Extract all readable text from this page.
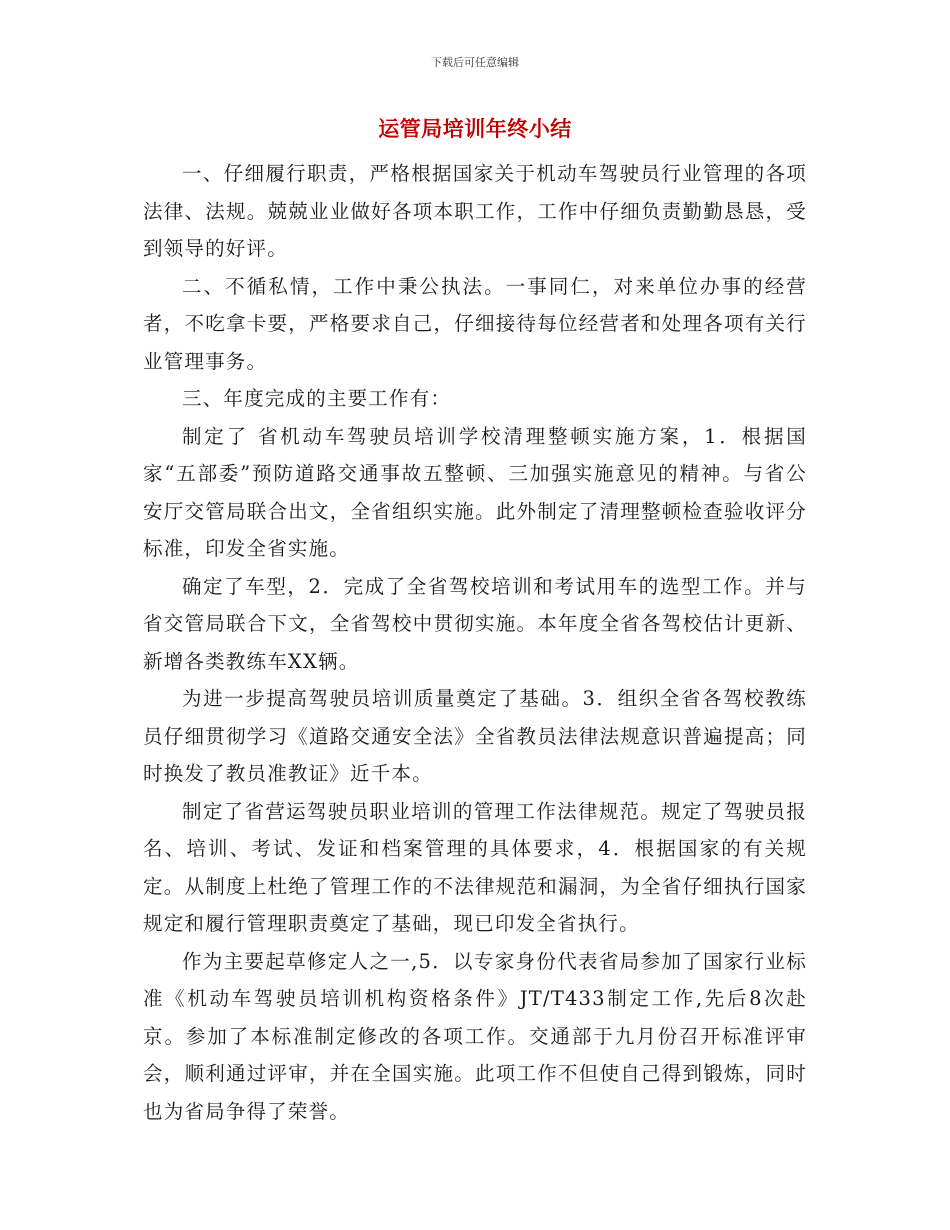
下载后可任意编辑
运管局培训年终小结

一、仔细履行职责，严格根据国家关于机动车驾驶员行业管理的各项法律、法规。兢兢业业做好各项本职工作，工作中仔细负责勤勤恳恳，受到领导的好评。

二、不循私情，工作中秉公执法。一事同仁，对来单位办事的经营者，不吃拿卡要，严格要求自己，仔细接待每位经营者和处理各项有关行业管理事务。

三、年度完成的主要工作有：

制定了 省机动车驾驶员培训学校清理整顿实施方案，1．根据国家“五部委”预防道路交通事故五整顿、三加强实施意见的精神。与省公安厅交管局联合出文，全省组织实施。此外制定了清理整顿检查验收评分标准，印发全省实施。

确定了车型，2．完成了全省驾校培训和考试用车的选型工作。并与省交管局联合下文，全省驾校中贯彻实施。本年度全省各驾校估计更新、新增各类教练车XX辆。

为进一步提高驾驶员培训质量奠定了基础。3．组织全省各驾校教练员仔细贯彻学习《道路交通安全法》全省教员法律法规意识普遍提高；同时换发了教员准教证》近千本。

制定了省营运驾驶员职业培训的管理工作法律规范。规定了驾驶员报名、培训、考试、发证和档案管理的具体要求，4．根据国家的有关规定。从制度上杜绝了管理工作的不法律规范和漏洞，为全省仔细执行国家规定和履行管理职责奠定了基础，现已印发全省执行。

作为主要起草修定人之一,5．以专家身份代表省局参加了国家行业标准《机动车驾驶员培训机构资格条件》JT/T433制定工作,先后8次赴京。参加了本标准制定修改的各项工作。交通部于九月份召开标准评审会，顺利通过评审，并在全国实施。此项工作不但使自己得到锻炼，同时也为省局争得了荣誉。
